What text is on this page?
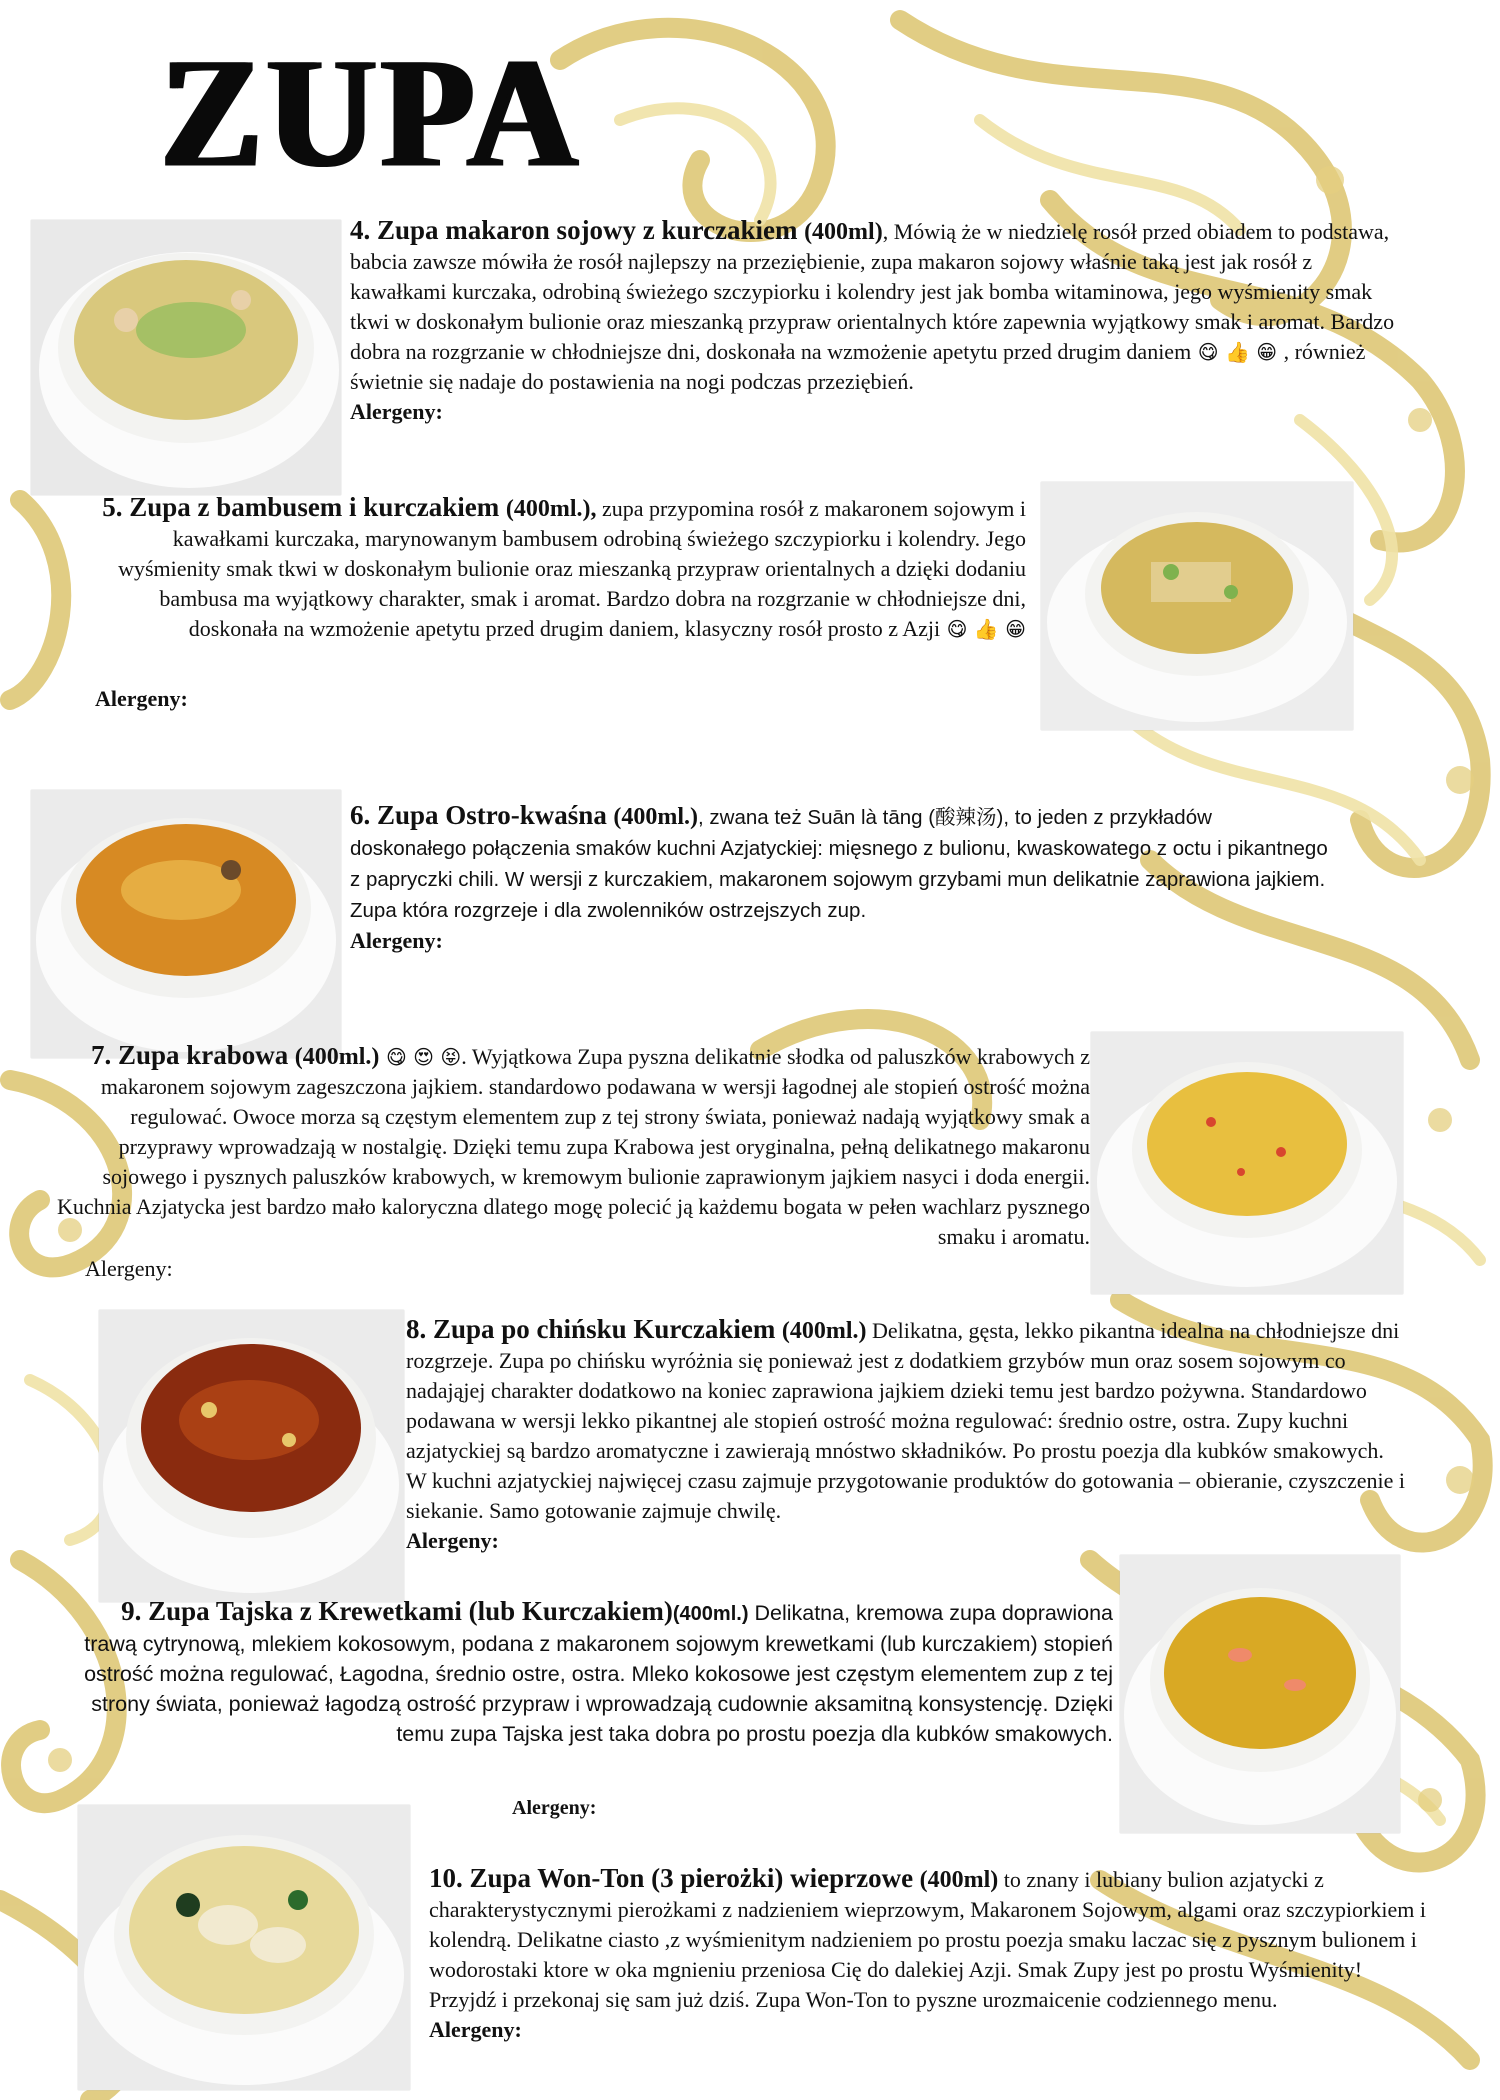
ZUPA
4. Zupa makaron sojowy z kurczakiem (400ml), Mówią że w niedzielę rosół przed obiadem to podstawa, babcia zawsze mówiła że rosół najlepszy na przeziębienie, zupa makaron sojowy właśnie taką jest jak rosół z kawałkami kurczaka, odrobiną świeżego szczypiorku i kolendry jest jak bomba witaminowa, jego wyśmienity smak tkwi w doskonałym bulionie oraz mieszanką przypraw orientalnych które zapewnia wyjątkowy smak i aromat. Bardzo dobra na rozgrzanie w chłodniejsze dni, doskonała na wzmożenie apetytu przed drugim daniem 😋 👍 😁 , również świetnie się nadaje do postawienia na nogi podczas przeziębień.
Alergeny:
5. Zupa z bambusem i kurczakiem (400ml.), zupa przypomina rosół z makaronem sojowym i kawałkami kurczaka, marynowanym bambusem odrobiną świeżego szczypiorku i kolendry. Jego wyśmienity smak tkwi w doskonałym bulionie oraz mieszanką przypraw orientalnych a dzięki dodaniu bambusa ma wyjątkowy charakter, smak i aromat. Bardzo dobra na rozgrzanie w chłodniejsze dni, doskonała na wzmożenie apetytu przed drugim daniem, klasyczny rosół prosto z Azji 😋 👍 😁
Alergeny:
6. Zupa Ostro-kwaśna (400ml.), zwana też Suān là tāng (酸辣汤), to jeden z przykładów doskonałego połączenia smaków kuchni Azjatyckiej: mięsnego z bulionu, kwaskowatego z octu i pikantnego z papryczki chili. W wersji z kurczakiem, makaronem sojowym grzybami mun delikatnie zaprawiona jajkiem. Zupa która rozgrzeje i dla zwolenników ostrzejszych zup.
Alergeny:
7. Zupa krabowa (400ml.) 😋 😍 😝. Wyjątkowa Zupa pyszna delikatnie słodka od paluszków krabowych z makaronem sojowym zageszczona jajkiem. standardowo podawana w wersji łagodnej ale stopień ostrość można regulować. Owoce morza są częstym elementem zup z tej strony świata, ponieważ nadają wyjątkowy smak a przyprawy wprowadzają w nostalgię. Dzięki temu zupa Krabowa jest oryginalna, pełną delikatnego makaronu sojowego i pysznych paluszków krabowych, w kremowym bulionie zaprawionym jajkiem nasyci i doda energii. Kuchnia Azjatycka jest bardzo mało kaloryczna dlatego mogę polecić ją każdemu bogata w pełen wachlarz pysznego smaku i aromatu.
Alergeny:
8. Zupa po chińsku Kurczakiem (400ml.) Delikatna, gęsta, lekko pikantna idealna na chłodniejsze dni rozgrzeje. Zupa po chińsku wyróżnia się ponieważ jest z dodatkiem grzybów mun oraz sosem sojowym co nadająjej charakter dodatkowo na koniec zaprawiona jajkiem dzieki temu jest bardzo pożywna. Standardowo podawana w wersji lekko pikantnej ale stopień ostrość można regulować: średnio ostre, ostra. Zupy kuchni azjatyckiej są bardzo aromatyczne i zawierają mnóstwo składników. Po prostu poezja dla kubków smakowych. W kuchni azjatyckiej najwięcej czasu zajmuje przygotowanie produktów do gotowania – obieranie, czyszczenie i siekanie. Samo gotowanie zajmuje chwilę.
Alergeny:
9. Zupa Tajska z Krewetkami (lub Kurczakiem)(400ml.) Delikatna, kremowa zupa doprawiona trawą cytrynową, mlekiem kokosowym, podana z makaronem sojowym krewetkami (lub kurczakiem) stopień ostrość można regulować, Łagodna, średnio ostre, ostra. Mleko kokosowe jest częstym elementem zup z tej strony świata, ponieważ łagodzą ostrość przypraw i wprowadzają cudownie aksamitną konsystencję. Dzięki temu zupa Tajska jest taka dobra po prostu poezja dla kubków smakowych.
Alergeny:
10. Zupa Won-Ton (3 pierożki) wieprzowe (400ml) to znany i lubiany bulion azjatycki z charakterystycznymi pierożkami z nadzieniem wieprzowym, Makaronem Sojowym, algami oraz szczypiorkiem i kolendrą. Delikatne ciasto ,z wyśmienitym nadzieniem po prostu poezja smaku laczac się z pysznym bulionem i wodorostaki ktore w oka mgnieniu przeniosa Cię do dalekiej Azji. Smak Zupy jest po prostu Wyśmienity! Przyjdź i przekonaj się sam już dziś. Zupa Won-Ton to pyszne urozmaicenie codziennego menu.
Alergeny:
